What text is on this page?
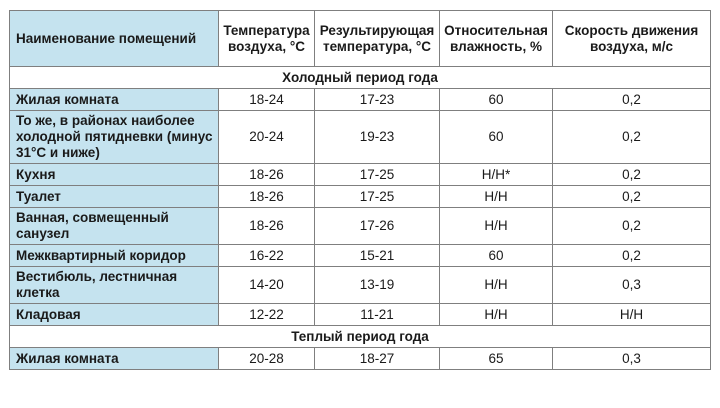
Наименование помещений	Температура воздуха, °С	Результирующая температура, °С	Относительная влажность, %	Скорость движения воздуха, м/с
Холодный период года				
Жилая комната	18-24	17-23	60	0,2
То же, в районах наиболее холодной пятидневки (минус 31°С и ниже)	20-24	19-23	60	0,2
Кухня	18-26	17-25	Н/Н*	0,2
Туалет	18-26	17-25	Н/Н	0,2
Ванная, совмещенный санузел	18-26	17-26	Н/Н	0,2
Межквартирный коридор	16-22	15-21	60	0,2
Вестибюль, лестничная клетка	14-20	13-19	Н/Н	0,3
Кладовая	12-22	11-21	Н/Н	Н/Н
Теплый период года				
Жилая комната	20-28	18-27	65	0,3
